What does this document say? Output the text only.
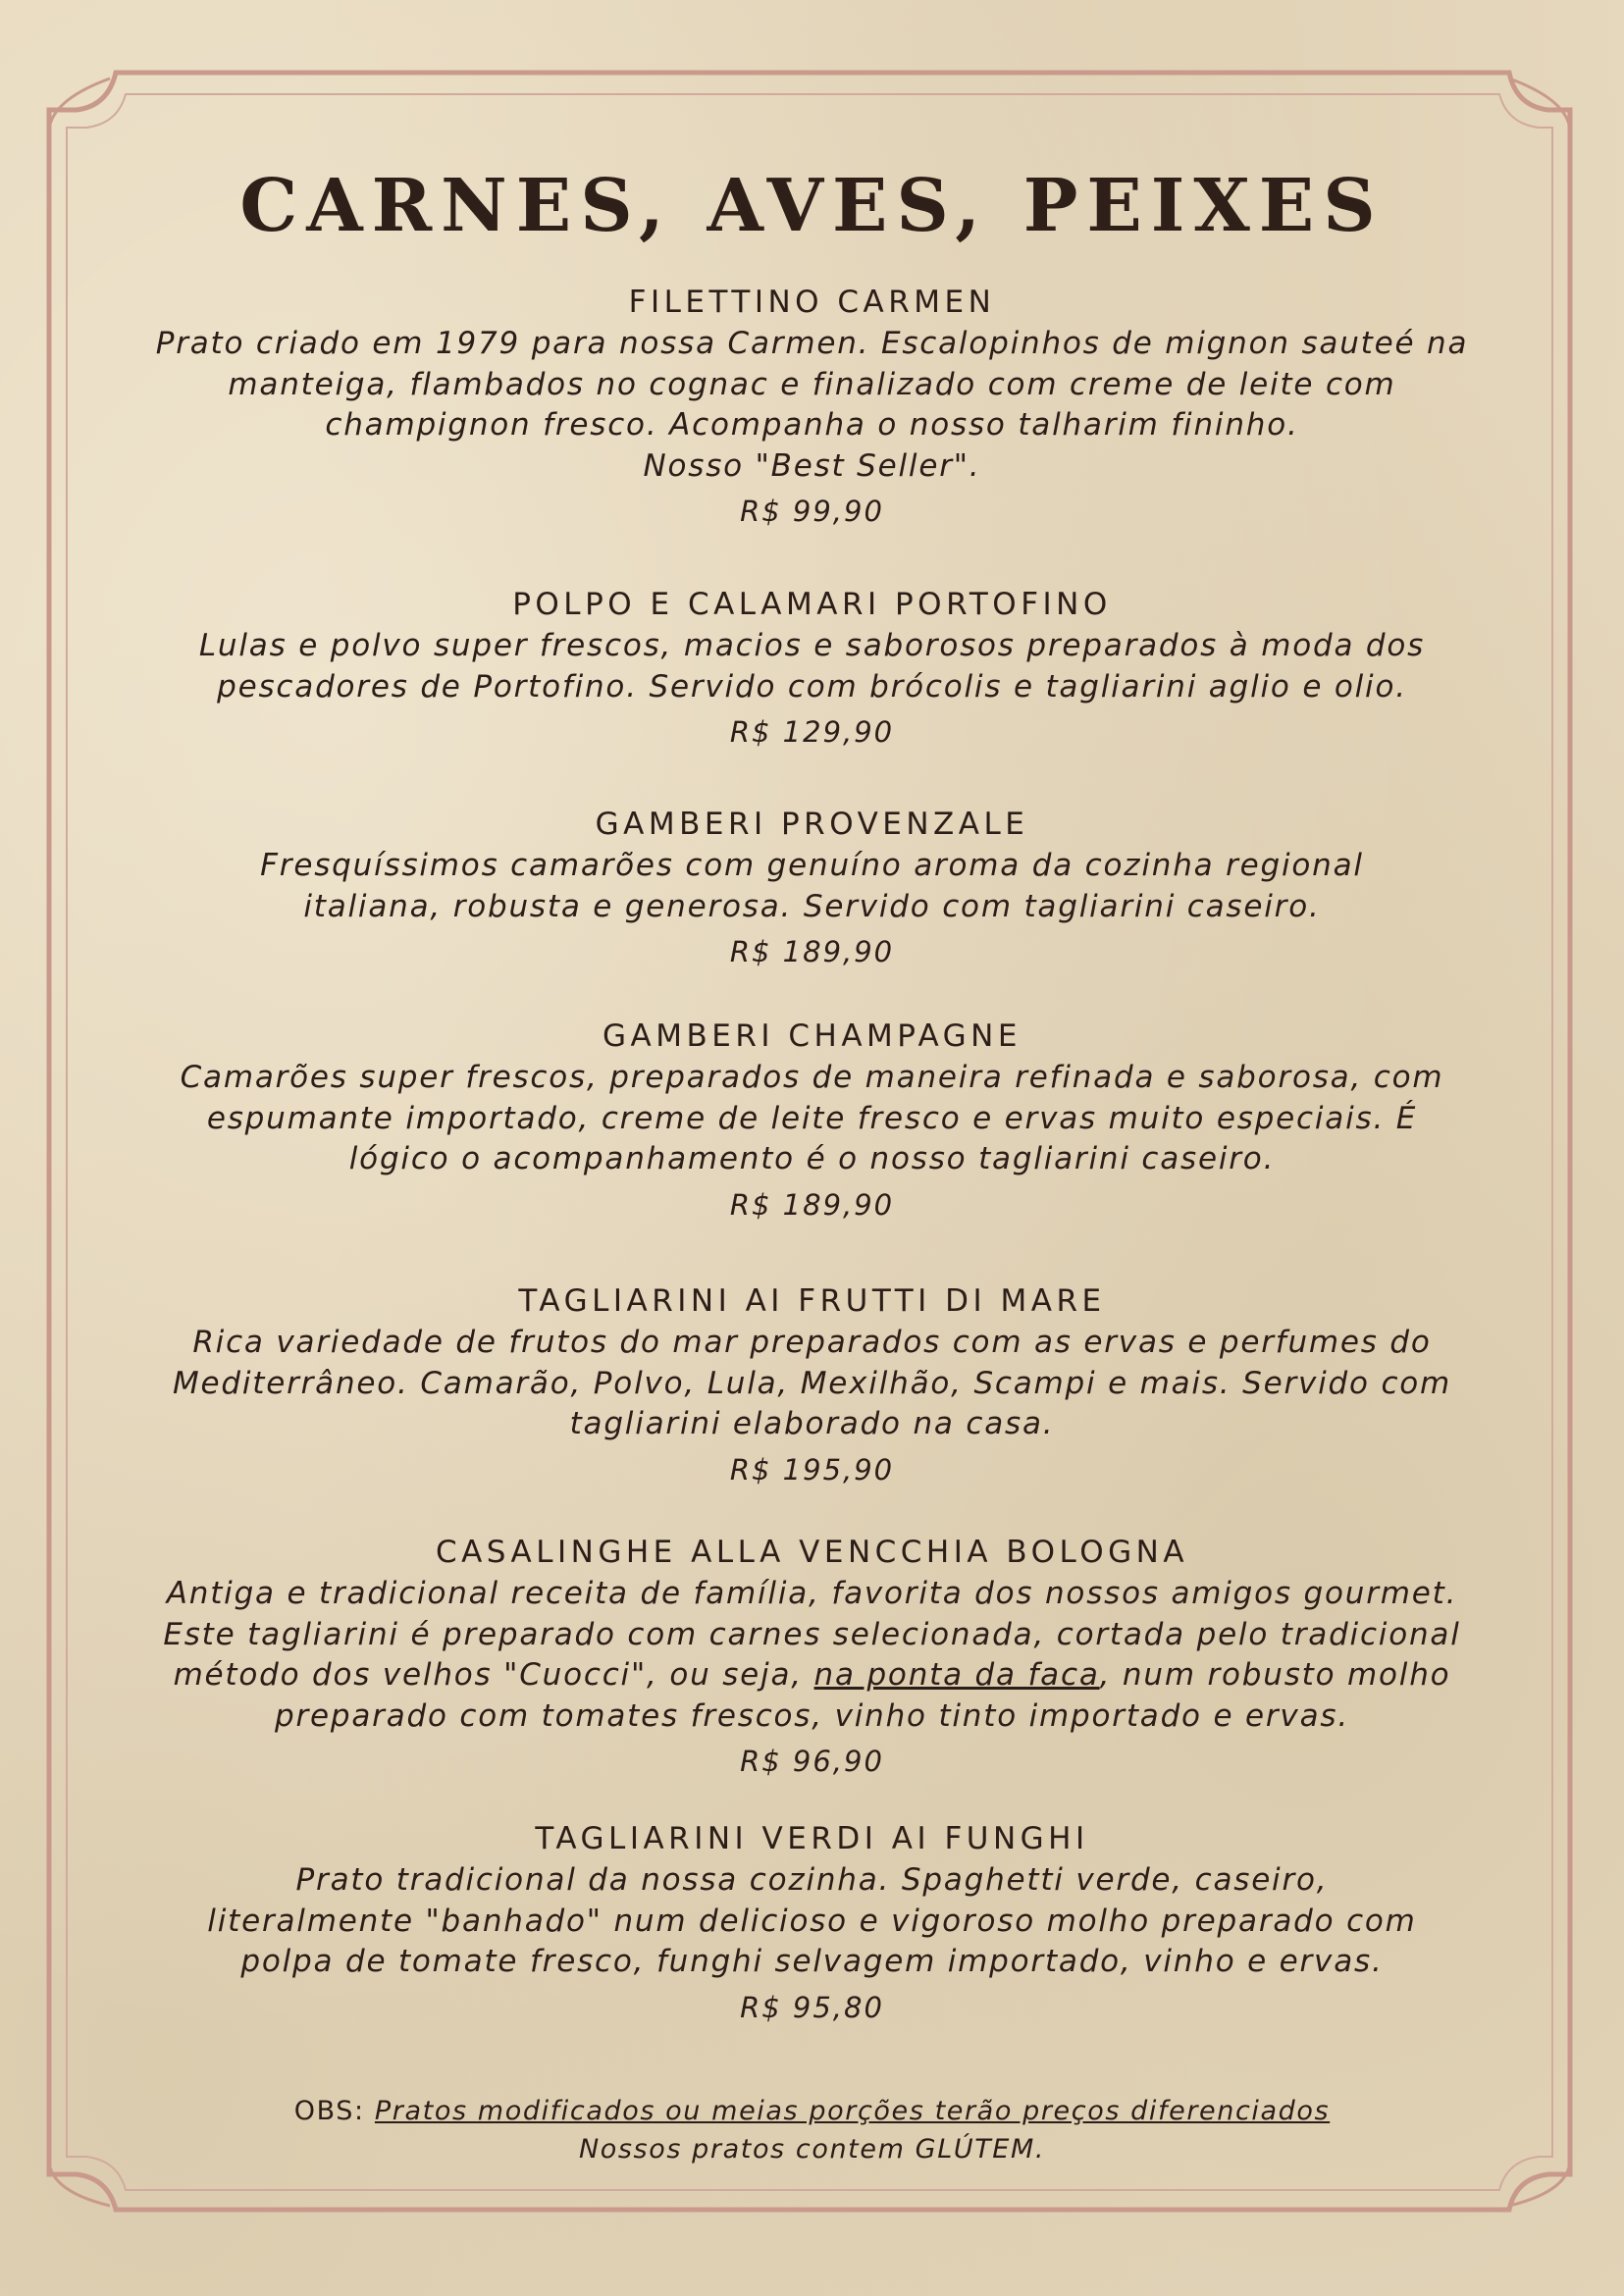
CARNES, AVES, PEIXES
FILETTINO CARMEN
Prato criado em 1979 para nossa Carmen. Escalopinhos de mignon sauteé na
manteiga, flambados no cognac e finalizado com creme de leite com
champignon fresco. Acompanha o nosso talharim fininho.
Nosso "Best Seller".
R$ 99,90
POLPO E CALAMARI PORTOFINO
Lulas e polvo super frescos, macios e saborosos preparados à moda dos
pescadores de Portofino. Servido com brócolis e tagliarini aglio e olio.
R$ 129,90
GAMBERI PROVENZALE
Fresquíssimos camarões com genuíno aroma da cozinha regional
italiana, robusta e generosa. Servido com tagliarini caseiro.
R$ 189,90
GAMBERI CHAMPAGNE
Camarões super frescos, preparados de maneira refinada e saborosa, com
espumante importado, creme de leite fresco e ervas muito especiais. É
lógico o acompanhamento é o nosso tagliarini caseiro.
R$ 189,90
TAGLIARINI AI FRUTTI DI MARE
Rica variedade de frutos do mar preparados com as ervas e perfumes do
Mediterrâneo. Camarão, Polvo, Lula, Mexilhão, Scampi e mais. Servido com
tagliarini elaborado na casa.
R$ 195,90
CASALINGHE ALLA VENCCHIA BOLOGNA
Antiga e tradicional receita de família, favorita dos nossos amigos gourmet.
Este tagliarini é preparado com carnes selecionada, cortada pelo tradicional
método dos velhos "Cuocci", ou seja, na ponta da faca, num robusto molho
preparado com tomates frescos, vinho tinto importado e ervas.
R$ 96,90
TAGLIARINI VERDI AI FUNGHI
Prato tradicional da nossa cozinha. Spaghetti verde, caseiro,
literalmente "banhado" num delicioso e vigoroso molho preparado com
polpa de tomate fresco, funghi selvagem importado, vinho e ervas.
R$ 95,80
OBS: Pratos modificados ou meias porções terão preços diferenciados
Nossos pratos contem GLÚTEM.
